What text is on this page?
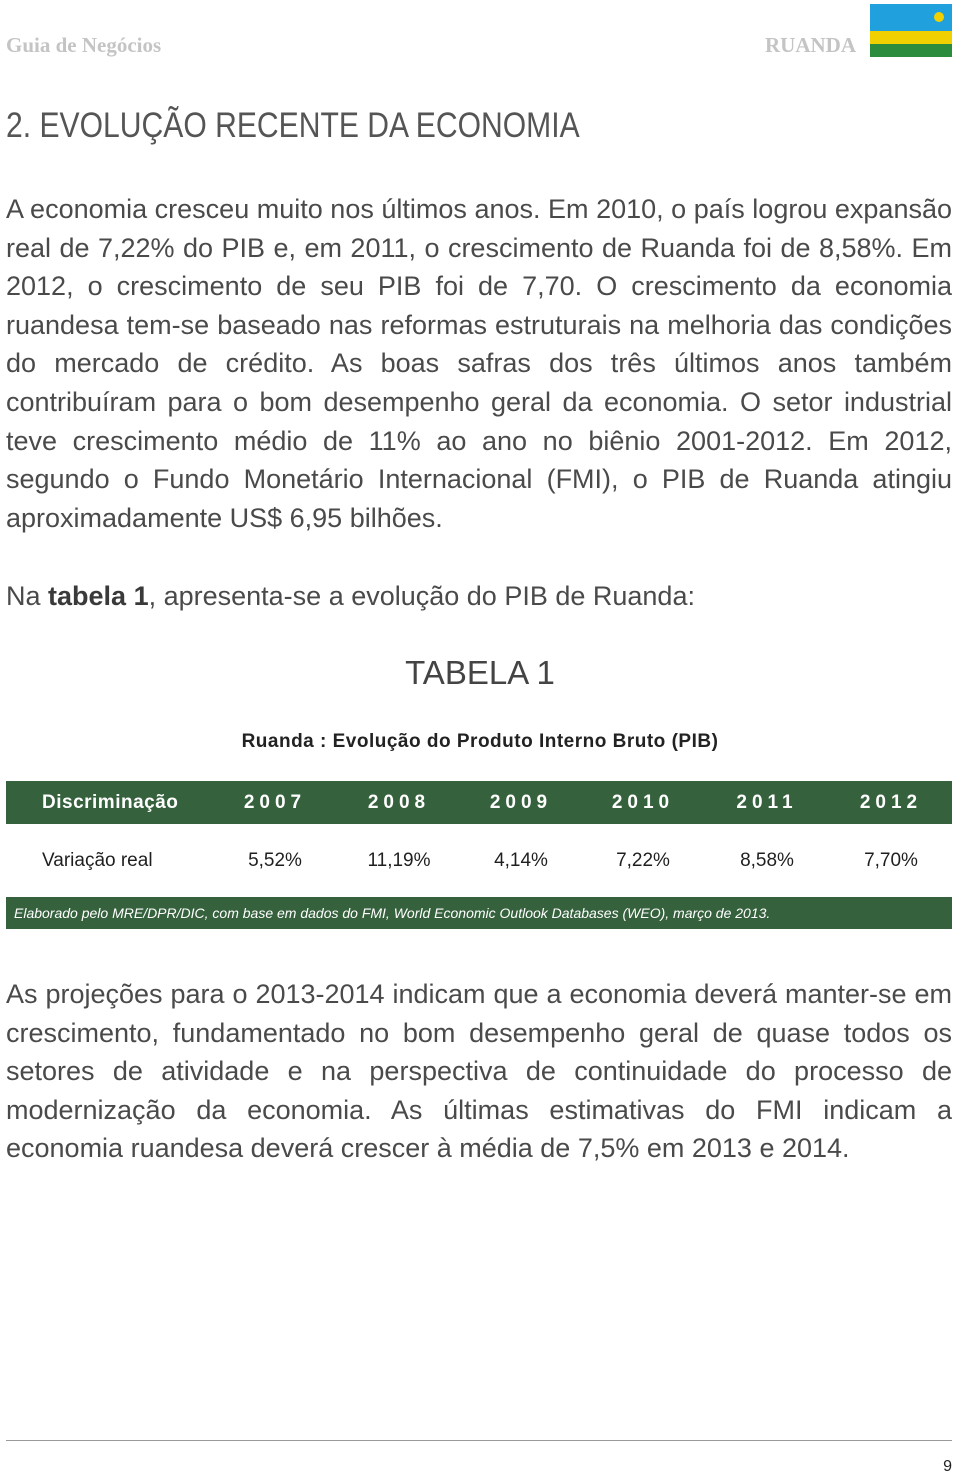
Guia de Negócios	RUANDA
2. EVOLUÇÃO RECENTE DA ECONOMIA

A economia cresceu muito nos últimos anos. Em 2010, o país logrou expansão real de 7,22% do PIB e, em 2011, o crescimento de Ruanda foi de 8,58%. Em 2012, o crescimento de seu PIB foi de 7,70. O crescimento da economia ruandesa tem-se baseado nas reformas estruturais na melhoria das condições do mercado de crédito. As boas safras dos três últimos anos também contribuíram para o bom desempenho geral da economia. O setor industrial teve crescimento médio de 11% ao ano no biênio 2001-2012. Em 2012, segundo o Fundo Monetário Internacional (FMI), o PIB de Ruanda atingiu aproximadamente US$ 6,95 bilhões.

Na tabela 1, apresenta-se a evolução do PIB de Ruanda:

TABELA 1
Ruanda : Evolução do Produto Interno Bruto (PIB)
Discriminação	2007	2008	2009	2010	2011	2012
Variação real	5,52%	11,19%	4,14%	7,22%	8,58%	7,70%
Elaborado pelo MRE/DPR/DIC, com base em dados do FMI, World Economic Outlook Databases (WEO), março de 2013.

As projeções para o 2013-2014 indicam que a economia deverá manter-se em crescimento, fundamentado no bom desempenho geral de quase todos os setores de atividade e na perspectiva de continuidade do processo de modernização da economia. As últimas estimativas do FMI indicam a economia ruandesa deverá crescer à média de 7,5% em 2013 e 2014.

9
